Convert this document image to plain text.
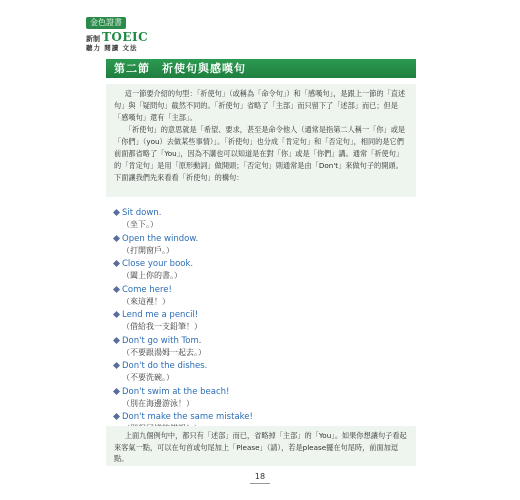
金色證書
新制 TOEIC
聽力 閱讀 文法
第二節　祈使句與感嘆句

這一節要介紹的句型：「祈使句」（或稱為「命令句」）和「感嘆句」，是跟上一節的「直述句」與「疑問句」截然不同的。「祈使句」省略了「主部」而只留下了「述部」而已；但是「感嘆句」還有「主部」。

「祈使句」的意思就是「希望、要求，甚至是命令他人（通常是指第二人稱一「你」或是「你們」（you）去做某些事情）」。「祈使句」也分成「肯定句」和「否定句」，相同的是它們前面都省略了「You」，因為不講也可以知道是在對「你」或是「你們」講。通常「祈使句」的「肯定句」是用「原形動詞」做開頭；「否定句」則通常是由「Don't」來做句子的開頭。下面讓我們先來看看「祈使句」的構句：

Sit down.
（坐下。）
Open the window.
（打開窗戶。）
Close your book.
（闔上你的書。）
Come here!
（來這裡！）
Lend me a pencil!
（借給我一支鉛筆！）
Don't go with Tom.
（不要跟湯姆一起去。）
Don't do the dishes.
（不要洗碗。）
Don't swim at the beach!
（別在海邊游泳！）
Don't make the same mistake!

上面九個例句中，都只有「述部」而已，省略掉「主部」的「You」。如果你想讓句子看起來客氣一點，可以在句首或句尾加上「Please」（請），若是please擺在句尾時，前面加逗點。

18
